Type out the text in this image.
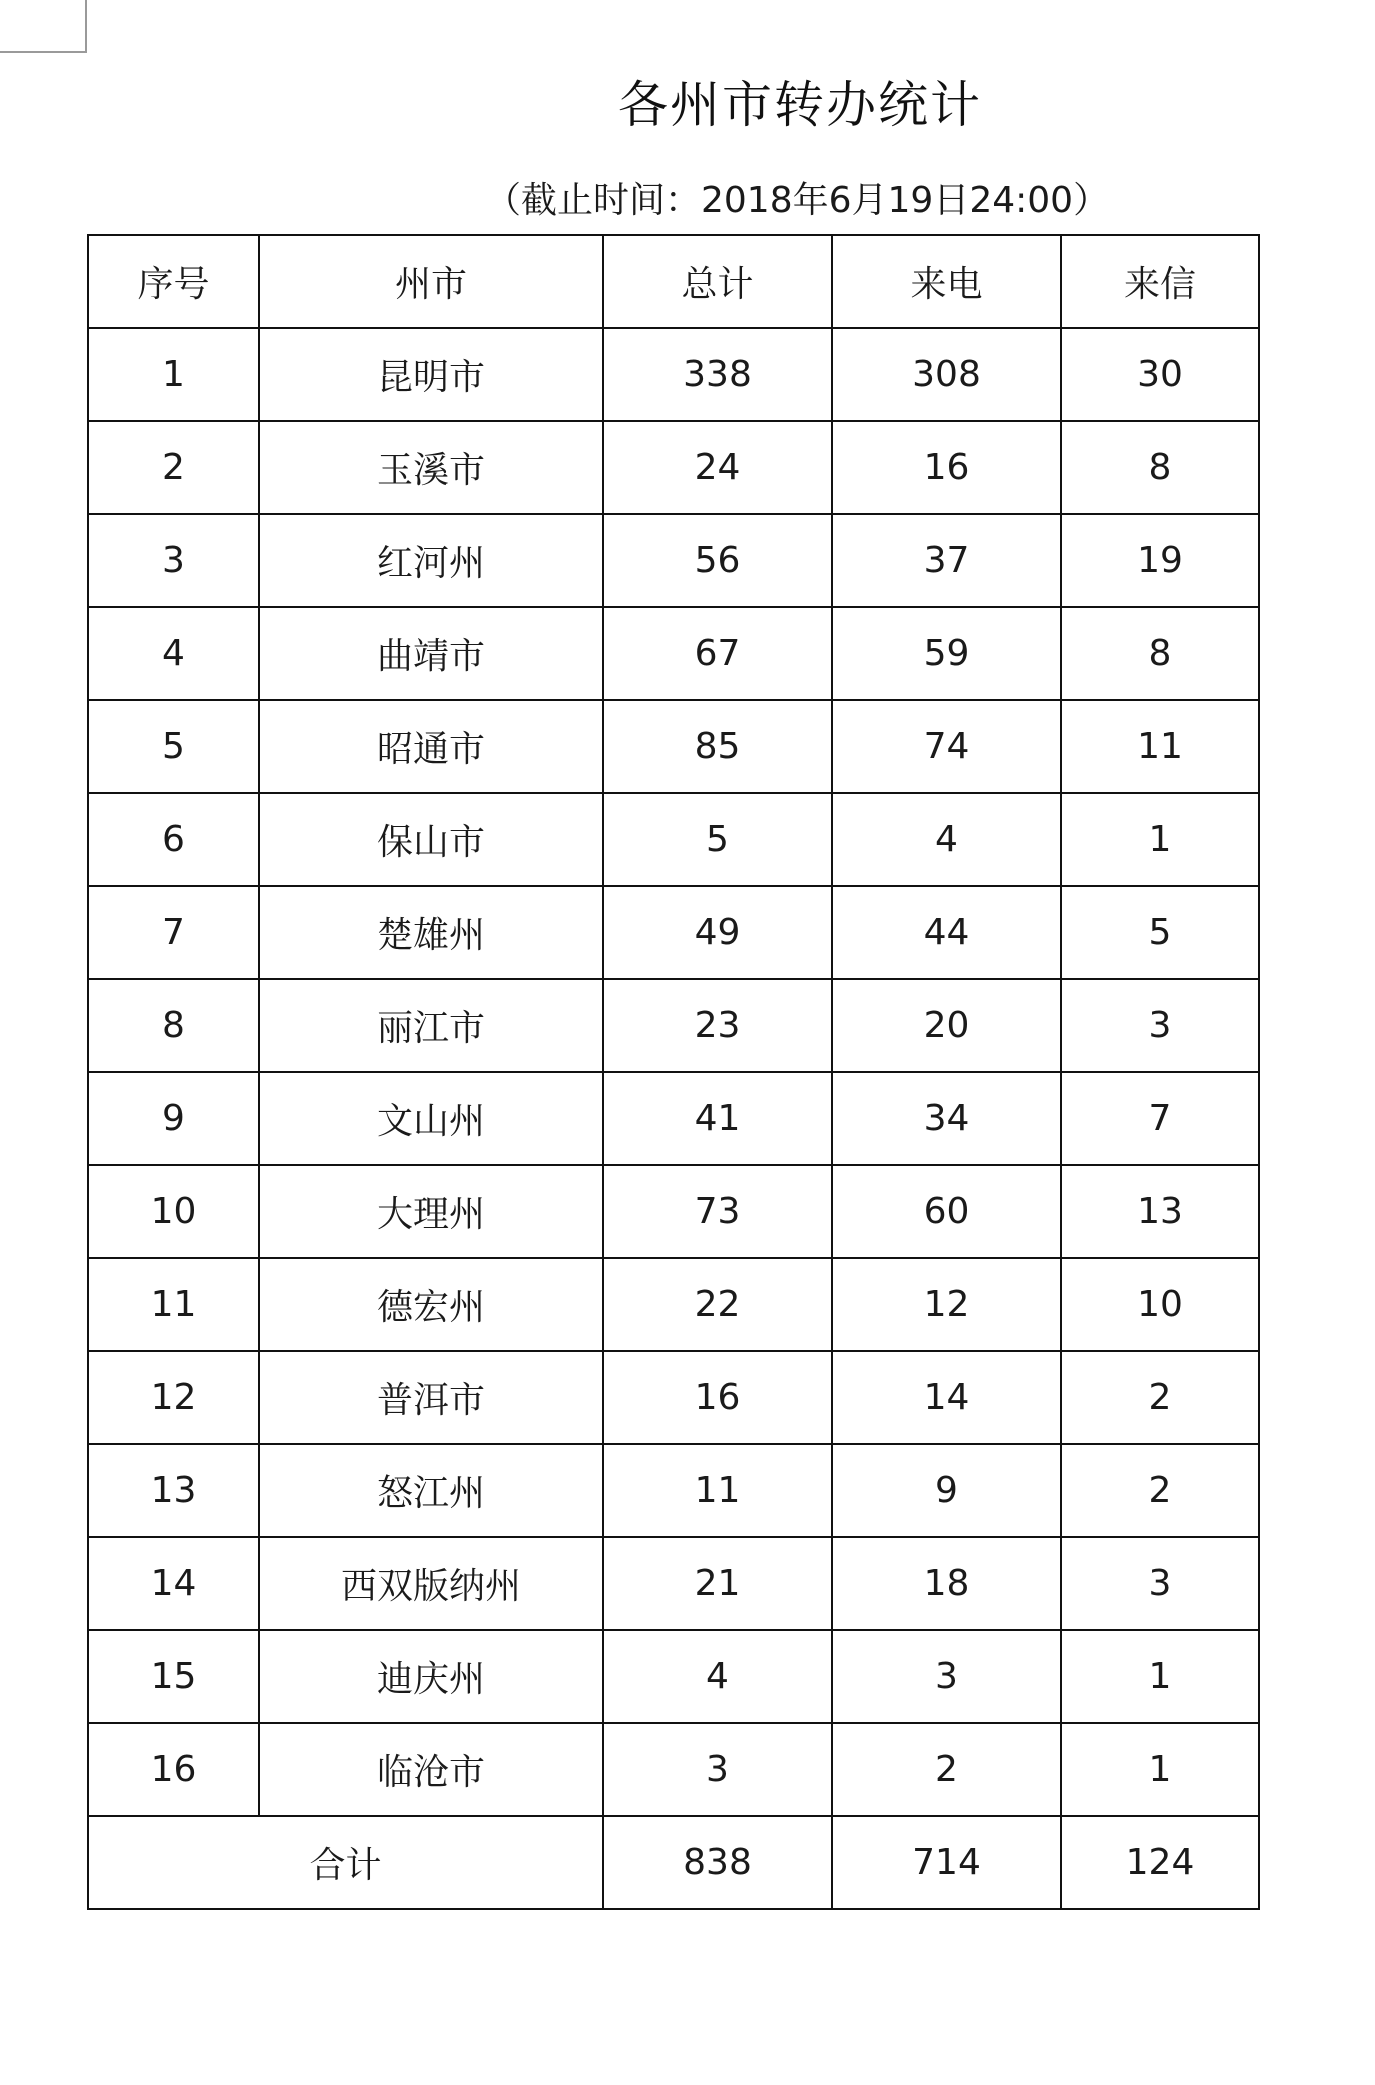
各州市转办统计
（截止时间：2018年6月19日24:00）
序号	州市	总计	来电	来信
1	昆明市	338	308	30
2	玉溪市	24	16	8
3	红河州	56	37	19
4	曲靖市	67	59	8
5	昭通市	85	74	11
6	保山市	5	4	1
7	楚雄州	49	44	5
8	丽江市	23	20	3
9	文山州	41	34	7
10	大理州	73	60	13
11	德宏州	22	12	10
12	普洱市	16	14	2
13	怒江州	11	9	2
14	西双版纳州	21	18	3
15	迪庆州	4	3	1
16	临沧市	3	2	1
合计		838	714	124
